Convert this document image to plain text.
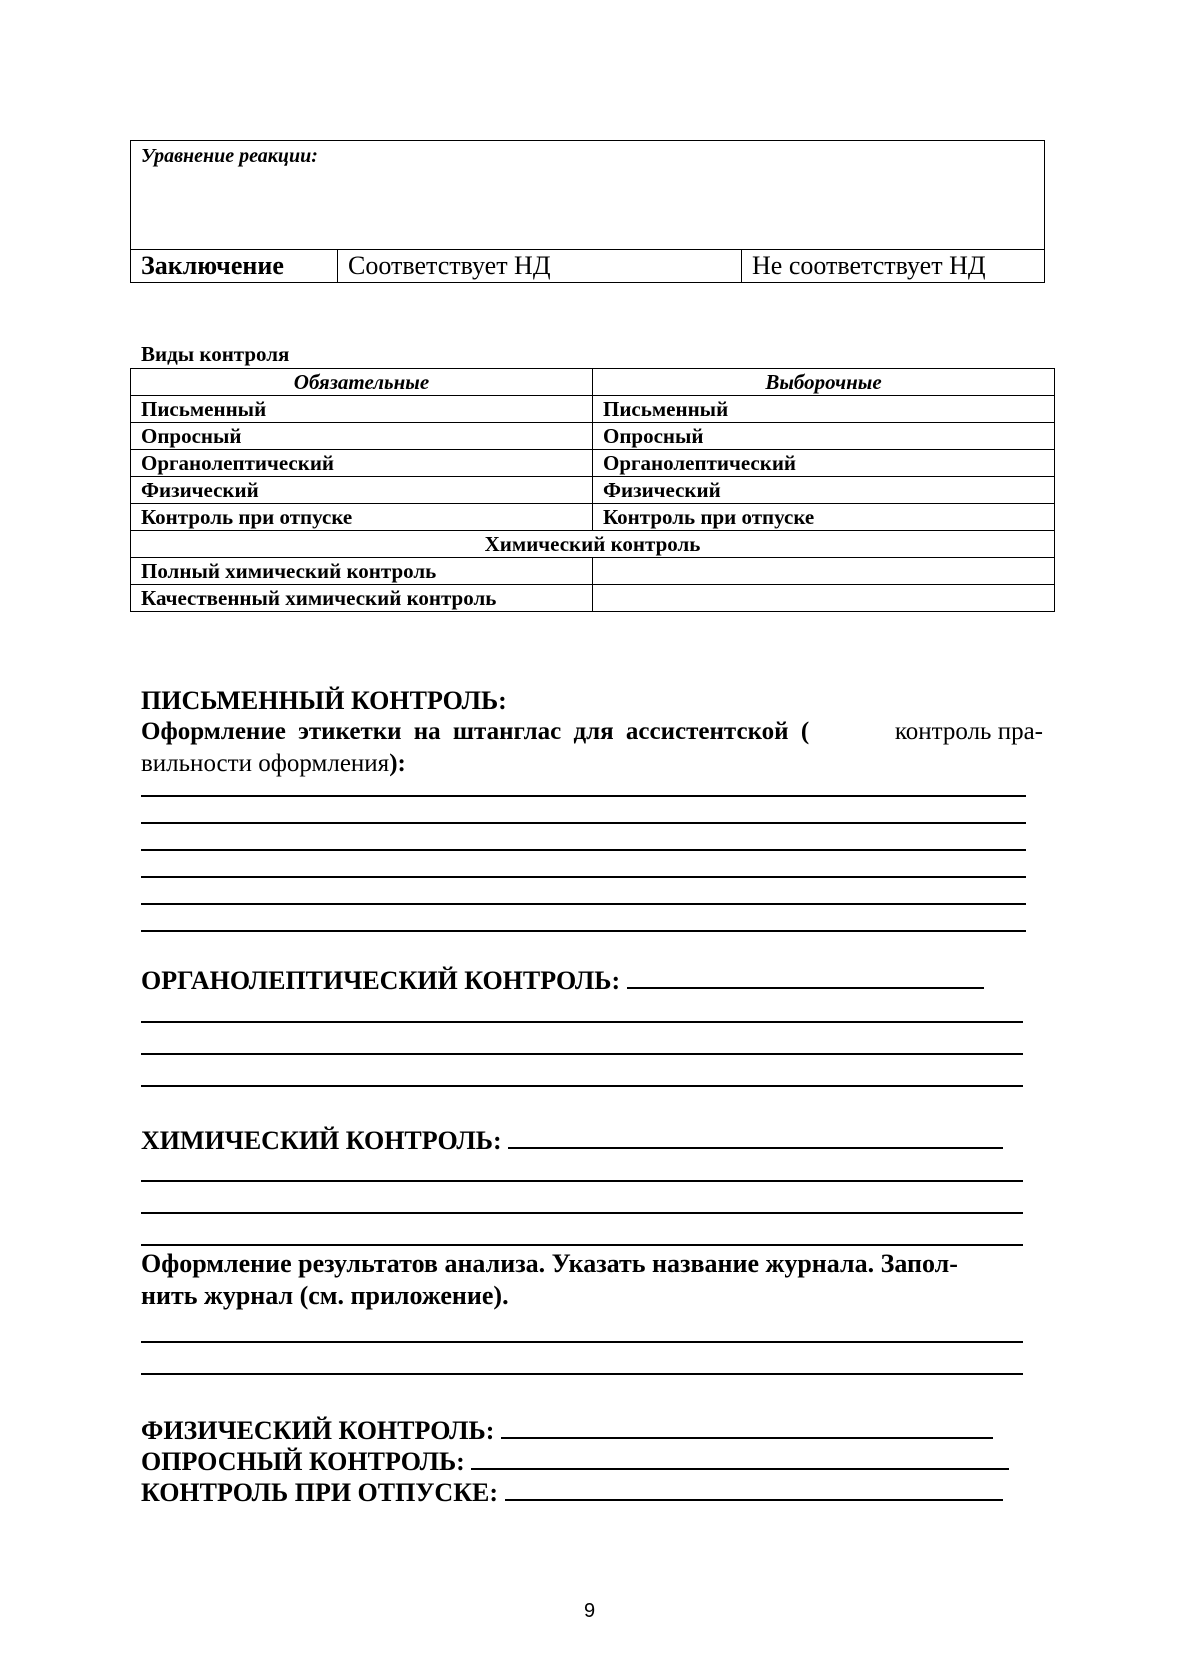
Уравнение реакции:
Заключение	Соответствует НД	Не соответствует НД
Виды контроля
Обязательные	Выборочные
Письменный	Письменный
Опросный	Опросный
Органолептический	Органолептический
Физический	Физический
Контроль при отпуске	Контроль при отпуске
Химический контроль	
Полный химический контроль	
Качественный химический контроль	
ПИСЬМЕННЫЙ КОНТРОЛЬ:
Оформление этикетки на штанглас для ассистентской (	контроль пра-
вильности оформления):
ОРГАНОЛЕПТИЧЕСКИЙ КОНТРОЛЬ:
ХИМИЧЕСКИЙ КОНТРОЛЬ:
Оформление результатов анализа. Указать название журнала. Запол-
нить журнал (см. приложение).
ФИЗИЧЕСКИЙ КОНТРОЛЬ:
ОПРОСНЫЙ КОНТРОЛЬ:
КОНТРОЛЬ ПРИ ОТПУСКЕ:
9
